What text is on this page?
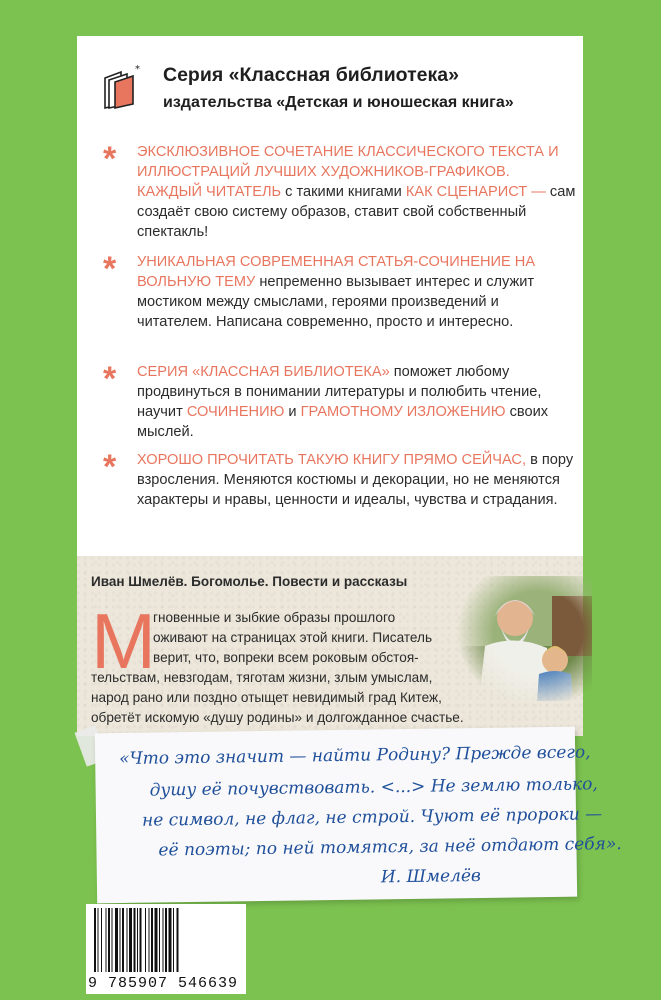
* Серия «Классная библиотека»
издательства «Детская и юношеская книга»
* ЭКСКЛЮЗИВНОЕ СОЧЕТАНИЕ КЛАССИЧЕСКОГО ТЕКСТА И ИЛЛЮСТРАЦИЙ ЛУЧШИХ ХУДОЖНИКОВ-ГРАФИКОВ. КАЖДЫЙ ЧИТАТЕЛЬ с такими книгами КАК СЦЕНАРИСТ — сам создаёт свою систему образов, ставит свой собственный спектакль!

* УНИКАЛЬНАЯ СОВРЕМЕННАЯ СТАТЬЯ-СОЧИНЕНИЕ НА ВОЛЬНУЮ ТЕМУ непременно вызывает интерес и служит мостиком между смыслами, героями произведений и читателем. Написана современно, просто и интересно.

* СЕРИЯ «КЛАССНАЯ БИБЛИОТЕКА» поможет любому продвинуться в понимании литературы и полюбить чтение, научит СОЧИНЕНИЮ и ГРАМОТНОМУ ИЗЛОЖЕНИЮ своих мыслей.

* ХОРОШО ПРОЧИТАТЬ ТАКУЮ КНИГУ ПРЯМО СЕЙЧАС, в пору взросления. Меняются костюмы и декорации, но не меняются характеры и нравы, ценности и идеалы, чувства и страдания.

Иван Шмелёв. Богомолье. Повести и рассказы

М

гновенные и зыбкие образы прошлого

оживают на страницах этой книги. Писатель

верит, что, вопреки всем роковым обстоя-

тельствам, невзгодам, тяготам жизни, злым умыслам,

народ рано или поздно отыщет невидимый град Китеж,

обретёт искомую «душу родины» и долгожданное счастье.

«Что это значит — найти Родину? Прежде всего,

душу её почувствовать. <...> Не землю только,

не символ, не флаг, не строй. Чуют её пророки —

её поэты; по ней томятся, за неё отдают себя».

И. Шмелёв

9 785907 546639
